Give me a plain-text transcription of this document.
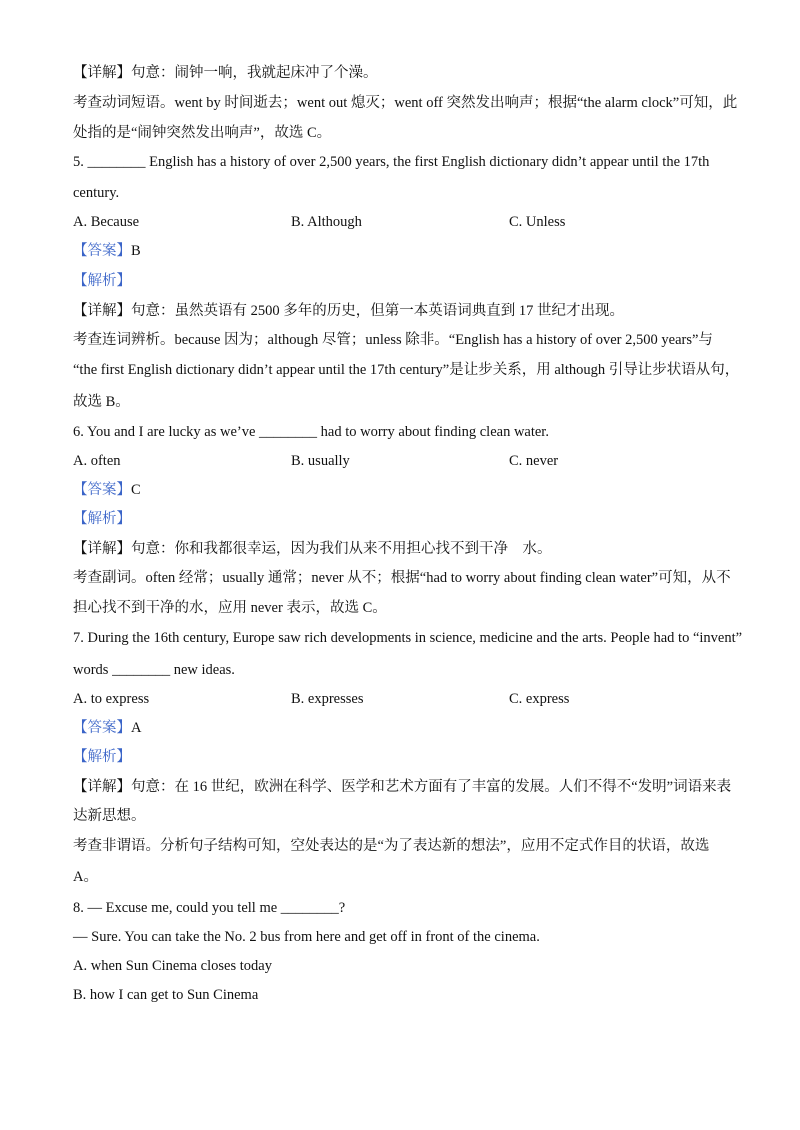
【详解】句意：闹钟一响，我就起床冲了个澡。
考查动词短语。went by 时间逝去；went out 熄灭；went off 突然发出响声；根据“the alarm clock”可知，此
处指的是“闹钟突然发出响声”，故选 C。
5. ________ English has a history of over 2,500 years, the first English dictionary didn’t appear until the 17th
century.
A. Because	B. Although	C. Unless
【答案】B
【解析】
【详解】句意：虽然英语有 2500 多年的历史，但第一本英语词典直到 17 世纪才出现。
考查连词辨析。because 因为；although 尽管；unless 除非。“English has a history of over 2,500 years”与
“the first English dictionary didn’t appear until the 17th century”是让步关系，用 although 引导让步状语从句，
故选 B。
6. You and I are lucky as we’ve ________ had to worry about finding clean water.
A. often	B. usually	C. never
【答案】C
【解析】
【详解】句意：你和我都很幸运，因为我们从来不用担心找不到干净　水。
考查副词。often 经常；usually 通常；never 从不；根据“had to worry about finding clean water”可知，从不
担心找不到干净的水，应用 never 表示，故选 C。
7. During the 16th century, Europe saw rich developments in science, medicine and the arts. People had to “invent”
words ________ new ideas.
A. to express	B. expresses	C. express
【答案】A
【解析】
【详解】句意：在 16 世纪，欧洲在科学、医学和艺术方面有了丰富的发展。人们不得不“发明”词语来表
达新思想。
考查非谓语。分析句子结构可知，空处表达的是“为了表达新的想法”，应用不定式作目的状语，故选
A。
8. — Excuse me, could you tell me ________?
— Sure. You can take the No. 2 bus from here and get off in front of the cinema.
A. when Sun Cinema closes today
B. how I can get to Sun Cinema
